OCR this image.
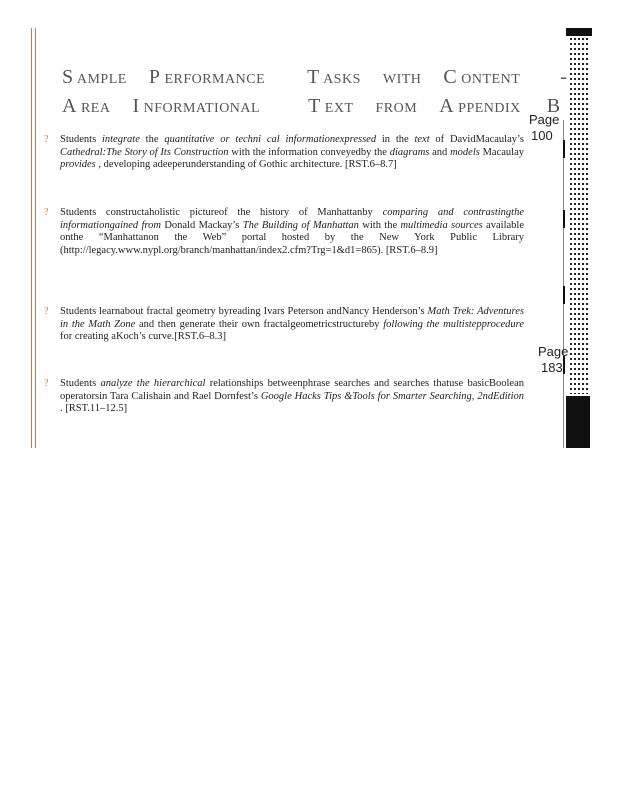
S AMPLE P ERFORMANCE T ASKS WITH C ONTENT -
A REA I NFORMATIONAL T EXT FROM A PPENDIX B
Page
100
Page
183
? Students integrate the quantitative or techni cal informationexpressed in the text of DavidMacaulay’s Cathedral:The Story of Its Construction with the information conveyedby the diagrams and models Macaulay provides , developing adeeperunderstanding of Gothic architecture. [RST.6–8.7]
? Students constructaholistic pictureof the history of Manhattanby comparing and contrastingthe informationgained from Donald Mackay’s The Building of Manhattan with the multimedia sources available onthe “Manhattanon the Web” portal hosted by the New York Public Library (http://legacy.www.nypl.org/branch/manhattan/index2.cfm?Trg=1&d1=865). [RST.6–8.9]
? Students learnabout fractal geometry byreading Ivars Peterson andNancy Henderson’s Math Trek: Adventures in the Math Zone and then generate their own fractalgeometricstructureby following the multistepprocedure for creating aKoch’s curve.[RST.6–8.3]
? Students analyze the hierarchical relationships betweenphrase searches and searches thatuse basicBoolean operatorsin Tara Calishain and Rael Dornfest’s Google Hacks Tips &Tools for Smarter Searching, 2ndEdition . [RST.11–12.5]
